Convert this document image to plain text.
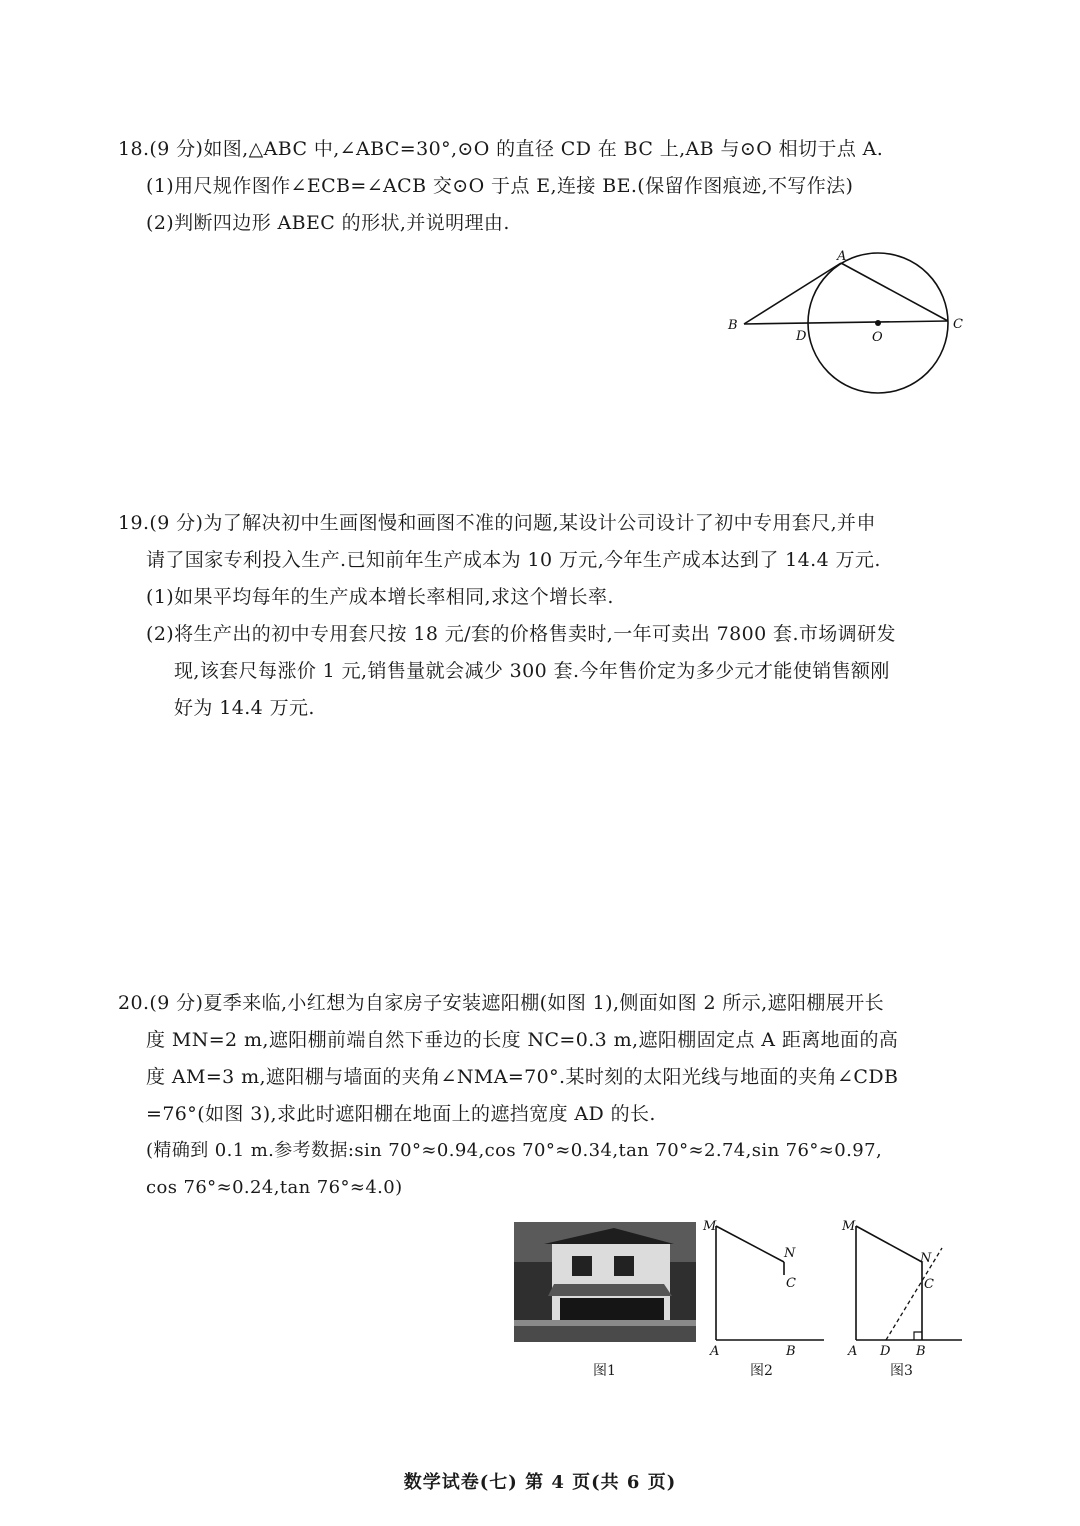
18.(9 分)如图,△ABC 中,∠ABC=30°,⊙O 的直径 CD 在 BC 上,AB 与⊙O 相切于点 A.
(1)用尺规作图作∠ECB=∠ACB 交⊙O 于点 E,连接 BE.(保留作图痕迹,不写作法)
(2)判断四边形 ABEC 的形状,并说明理由.
A
B	C
D	O
19.(9 分)为了解决初中生画图慢和画图不准的问题,某设计公司设计了初中专用套尺,并申
请了国家专利投入生产.已知前年生产成本为 10 万元,今年生产成本达到了 14.4 万元.
(1)如果平均每年的生产成本增长率相同,求这个增长率.
(2)将生产出的初中专用套尺按 18 元/套的价格售卖时,一年可卖出 7800 套.市场调研发
现,该套尺每涨价 1 元,销售量就会减少 300 套.今年售价定为多少元才能使销售额刚
好为 14.4 万元.
20.(9 分)夏季来临,小红想为自家房子安装遮阳棚(如图 1),侧面如图 2 所示,遮阳棚展开长
度 MN=2 m,遮阳棚前端自然下垂边的长度 NC=0.3 m,遮阳棚固定点 A 距离地面的高
度 AM=3 m,遮阳棚与墙面的夹角∠NMA=70°.某时刻的太阳光线与地面的夹角∠CDB
=76°(如图 3),求此时遮阳棚在地面上的遮挡宽度 AD 的长.
(精确到 0.1 m.参考数据:sin 70°≈0.94,cos 70°≈0.34,tan 70°≈2.74,sin 76°≈0.97,
cos 76°≈0.24,tan 76°≈4.0)
M
N
C
A	B
M
N
C
A D B
图1	图2	图3
数学试卷(七) 第 4 页(共 6 页)
